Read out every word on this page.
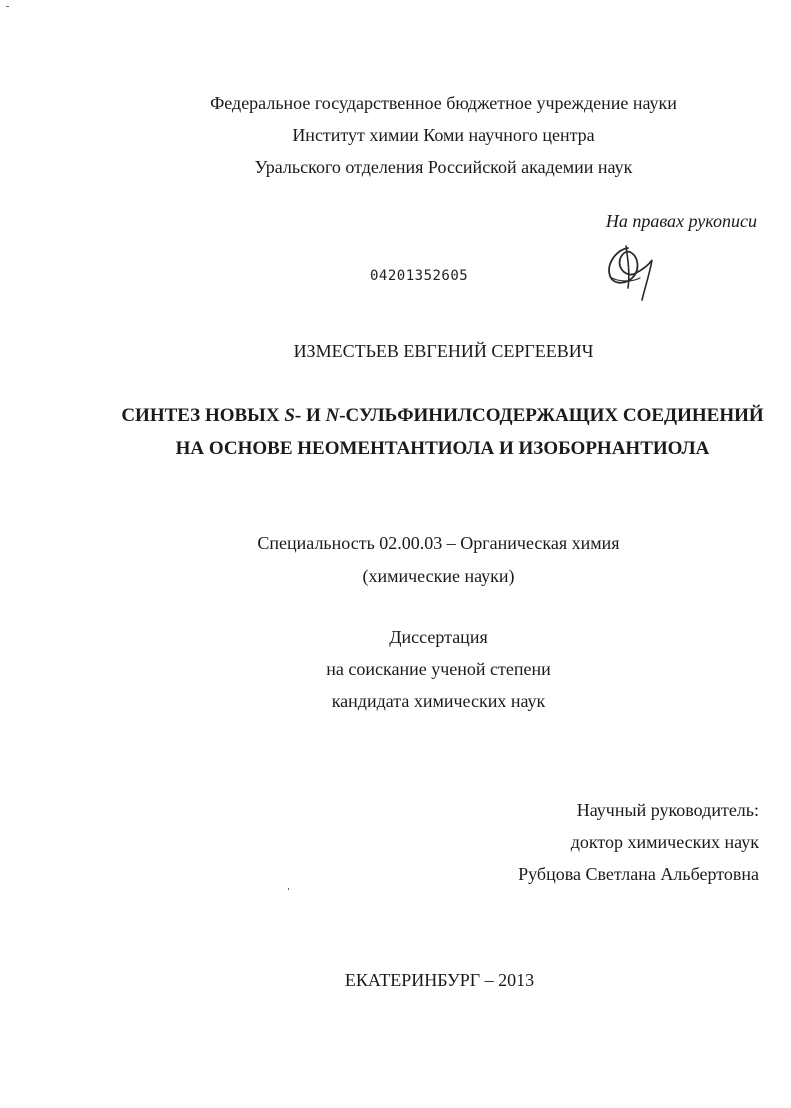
Федеральное государственное бюджетное учреждение науки
Институт химии Коми научного центра
Уральского отделения Российской академии наук
На правах рукописи
04201352605
ИЗМЕСТЬЕВ ЕВГЕНИЙ СЕРГЕЕВИЧ
СИНТЕЗ НОВЫХ S- И N-СУЛЬФИНИЛСОДЕРЖАЩИХ СОЕДИНЕНИЙ
НА ОСНОВЕ НЕОМЕНТАНТИОЛА И ИЗОБОРНАНТИОЛА
Специальность 02.00.03 – Органическая химия
(химические науки)
Диссертация
на соискание ученой степени
кандидата химических наук
Научный руководитель:
доктор химических наук
Рубцова Светлана Альбертовна
ЕКАТЕРИНБУРГ – 2013
